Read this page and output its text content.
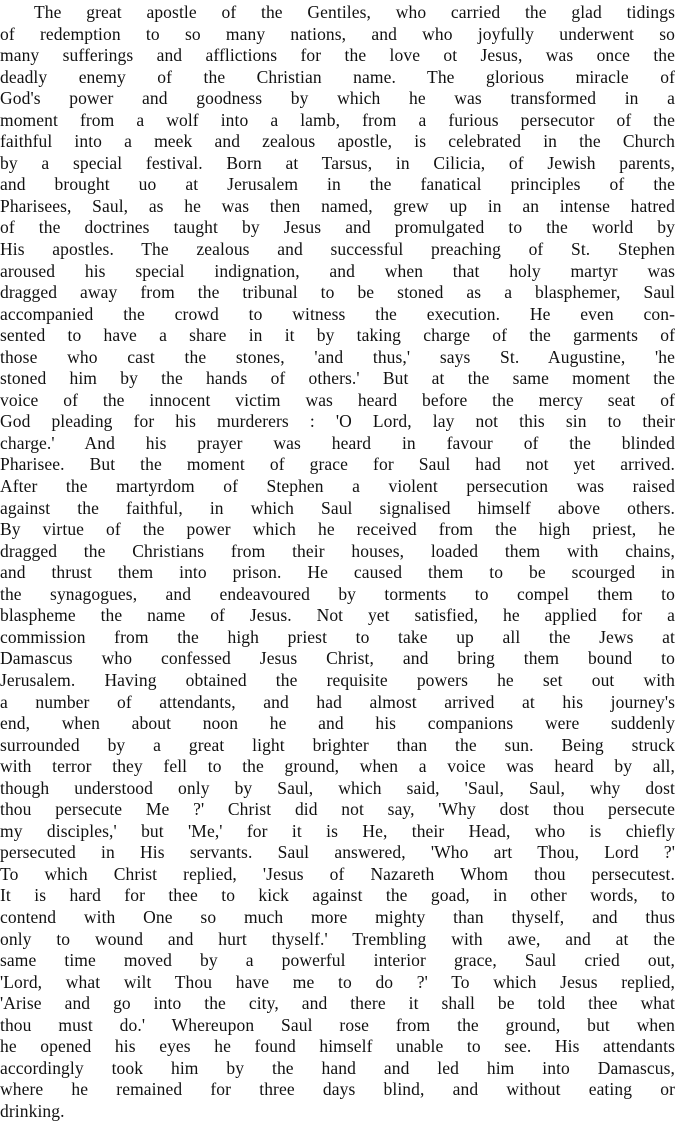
The great apostle of the Gentiles, who carried the glad tidings
of redemption to so many nations, and who joyfully underwent so
many sufferings and afflictions for the love ot Jesus, was once the
deadly enemy of the Christian name. The glorious miracle of
God's power and goodness by which he was transformed in a
moment from a wolf into a lamb, from a furious persecutor of the
faithful into a meek and zealous apostle, is celebrated in the Church
by a special festival. Born at Tarsus, in Cilicia, of Jewish parents,
and brought uo at Jerusalem in the fanatical principles of the
Pharisees, Saul, as he was then named, grew up in an intense hatred
of the doctrines taught by Jesus and promulgated to the world by
His apostles. The zealous and successful preaching of St. Stephen
aroused his special indignation, and when that holy martyr was
dragged away from the tribunal to be stoned as a blasphemer, Saul
accompanied the crowd to witness the execution. He even con-
sented to have a share in it by taking charge of the garments of
those who cast the stones, 'and thus,' says St. Augustine, 'he
stoned him by the hands of others.' But at the same moment the
voice of the innocent victim was heard before the mercy seat of
God pleading for his murderers : 'O Lord, lay not this sin to their
charge.' And his prayer was heard in favour of the blinded
Pharisee. But the moment of grace for Saul had not yet arrived.
After the martyrdom of Stephen a violent persecution was raised
against the faithful, in which Saul signalised himself above others.
By virtue of the power which he received from the high priest, he
dragged the Christians from their houses, loaded them with chains,
and thrust them into prison. He caused them to be scourged in
the synagogues, and endeavoured by torments to compel them to
blaspheme the name of Jesus. Not yet satisfied, he applied for a
commission from the high priest to take up all the Jews at
Damascus who confessed Jesus Christ, and bring them bound to
Jerusalem. Having obtained the requisite powers he set out with
a number of attendants, and had almost arrived at his journey's
end, when about noon he and his companions were suddenly
surrounded by a great light brighter than the sun. Being struck
with terror they fell to the ground, when a voice was heard by all,
though understood only by Saul, which said, 'Saul, Saul, why dost
thou persecute Me ?' Christ did not say, 'Why dost thou persecute
my disciples,' but 'Me,' for it is He, their Head, who is chiefly
persecuted in His servants. Saul answered, 'Who art Thou, Lord ?'
To which Christ replied, 'Jesus of Nazareth Whom thou persecutest.
It is hard for thee to kick against the goad, in other words, to
contend with One so much more mighty than thyself, and thus
only to wound and hurt thyself.' Trembling with awe, and at the
same time moved by a powerful interior grace, Saul cried out,
'Lord, what wilt Thou have me to do ?' To which Jesus replied,
'Arise and go into the city, and there it shall be told thee what
thou must do.' Whereupon Saul rose from the ground, but when
he opened his eyes he found himself unable to see. His attendants
accordingly took him by the hand and led him into Damascus,
where he remained for three days blind, and without eating or
drinking.
